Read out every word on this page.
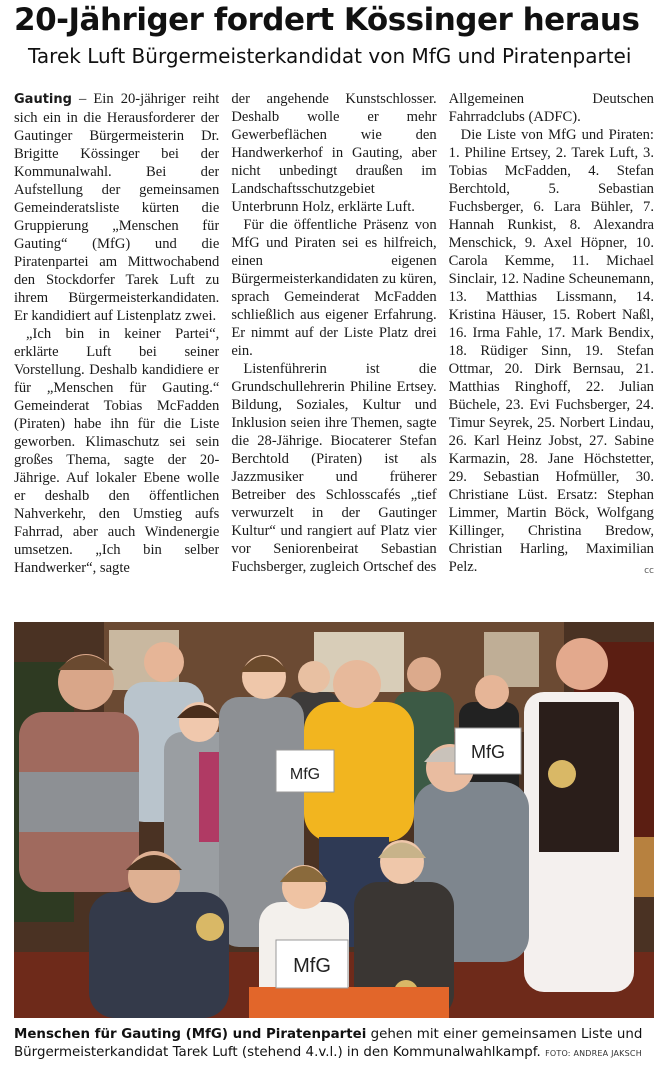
20-Jähriger fordert Kössinger heraus
Tarek Luft Bürgermeisterkandidat von MfG und Piratenpartei

Gauting – Ein 20-jähriger reiht sich ein in die Herausforderer der Gautinger Bürgermeisterin Dr. Brigitte Kössinger bei der Kommunalwahl. Bei der Aufstellung der gemeinsamen Gemeinderatsliste kürten die Gruppierung „Menschen für Gauting“ (MfG) und die Piratenpartei am Mittwochabend den Stockdorfer Tarek Luft zu ihrem Bürgermeisterkandidaten. Er kandidiert auf Listenplatz zwei.

„Ich bin in keiner Partei“, erklärte Luft bei seiner Vorstellung. Deshalb kandidiere er für „Menschen für Gauting.“ Gemeinderat Tobias McFadden (Piraten) habe ihn für die Liste geworben. Klimaschutz sei sein großes Thema, sagte der 20-Jährige. Auf lokaler Ebene wolle er deshalb den öffentlichen Nahverkehr, den Umstieg aufs Fahrrad, aber auch Windenergie umsetzen. „Ich bin selber Handwerker“, sagte

der angehende Kunstschlosser. Deshalb wolle er mehr Gewerbeflächen wie den Handwerkerhof in Gauting, aber nicht unbedingt draußen im Landschaftsschutzgebiet Unterbrunn Holz, erklärte Luft.

Für die öffentliche Präsenz von MfG und Piraten sei es hilfreich, einen eigenen Bürgermeisterkandidaten zu küren, sprach Gemeinderat McFadden schließlich aus eigener Erfahrung. Er nimmt auf der Liste Platz drei ein.

Listenführerin ist die Grundschullehrerin Philine Ertsey. Bildung, Soziales, Kultur und Inklusion seien ihre Themen, sagte die 28-Jährige. Biocaterer Stefan Berchtold (Piraten) ist als Jazzmusiker und früherer Betreiber des Schlosscafés „tief verwurzelt in der Gautinger Kultur“ und rangiert auf Platz vier vor Seniorenbeirat Sebastian Fuchsberger, zugleich Ortschef des

Allgemeinen Deutschen Fahrradclubs (ADFC).

Die Liste von MfG und Piraten: 1. Philine Ertsey, 2. Tarek Luft, 3. Tobias McFadden, 4. Stefan Berchtold, 5. Sebastian Fuchsberger, 6. Lara Bühler, 7. Hannah Runkist, 8. Alexandra Menschick, 9. Axel Höpner, 10. Carola Kemme, 11. Michael Sinclair, 12. Nadine Scheunemann, 13. Matthias Lissmann, 14. Kristina Häuser, 15. Robert Naßl, 16. Irma Fahle, 17. Mark Bendix, 18. Rüdiger Sinn, 19. Stefan Ottmar, 20. Dirk Bernsau, 21. Matthias Ringhoff, 22. Julian Büchele, 23. Evi Fuchsberger, 24. Timur Seyrek, 25. Norbert Lindau, 26. Karl Heinz Jobst, 27. Sabine Karmazin, 28. Jane Höchstetter, 29. Sebastian Hofmüller, 30. Christiane Lüst. Ersatz: Stephan Limmer, Martin Böck, Wolfgang Killinger, Christina Bredow, Christian Harling, Maximilian Pelz.	cc

MfG
MfG
MfG
Menschen für Gauting (MfG) und Piratenpartei gehen mit einer gemeinsamen Liste und Bürgermeisterkandidat Tarek Luft (stehend 4.v.l.) in den Kommunalwahlkampf. FOTO: ANDREA JAKSCH
